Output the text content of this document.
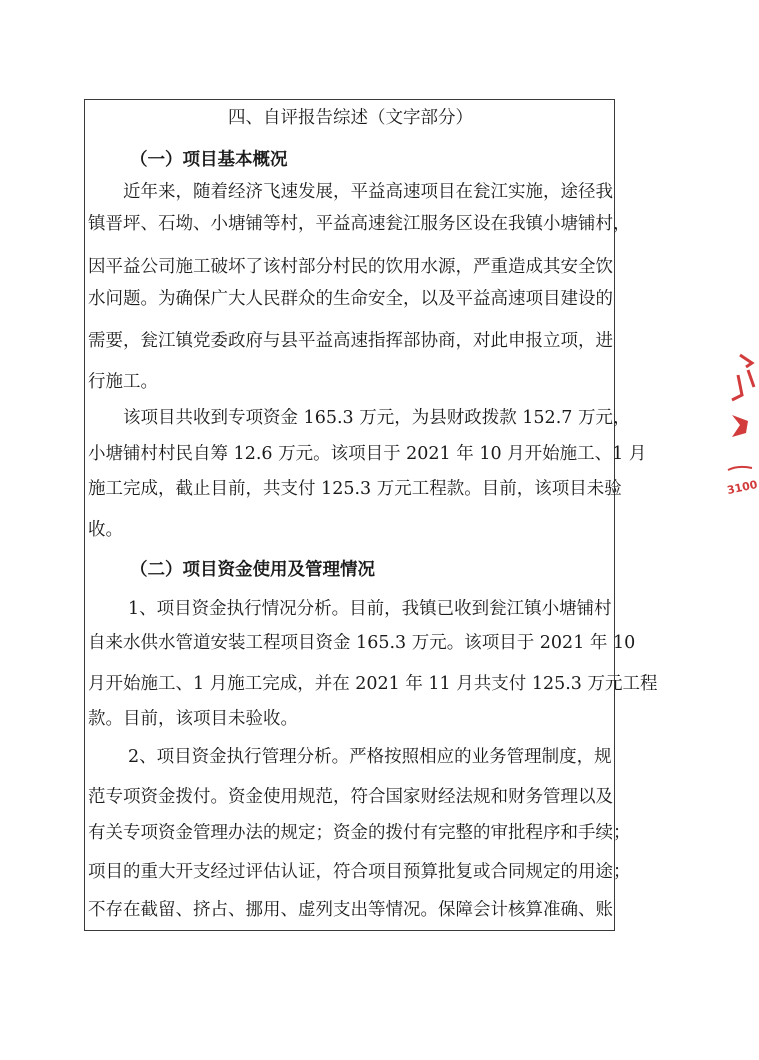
四、自评报告综述（文字部分）
（一）项目基本概况
近年来，随着经济飞速发展，平益高速项目在瓮江实施，途径我
镇晋坪、石坳、小塘铺等村，平益高速瓮江服务区设在我镇小塘铺村，
因平益公司施工破坏了该村部分村民的饮用水源，严重造成其安全饮
水问题。为确保广大人民群众的生命安全，以及平益高速项目建设的
需要，瓮江镇党委政府与县平益高速指挥部协商，对此申报立项，进
行施工。
该项目共收到专项资金 165.3 万元，为县财政拨款 152.7 万元，
小塘铺村村民自筹 12.6 万元。该项目于 2021 年 10 月开始施工、1 月
施工完成，截止目前，共支付 125.3 万元工程款。目前，该项目未验
收。
（二）项目资金使用及管理情况
1、项目资金执行情况分析。目前，我镇已收到瓮江镇小塘铺村
自来水供水管道安装工程项目资金 165.3 万元。该项目于 2021 年 10
月开始施工、1 月施工完成，并在 2021 年 11 月共支付 125.3 万元工程
款。目前，该项目未验收。
2、项目资金执行管理分析。严格按照相应的业务管理制度，规
范专项资金拨付。资金使用规范，符合国家财经法规和财务管理以及
有关专项资金管理办法的规定；资金的拨付有完整的审批程序和手续；
项目的重大开支经过评估认证，符合项目预算批复或合同规定的用途；
不存在截留、挤占、挪用、虚列支出等情况。保障会计核算准确、账
3100
